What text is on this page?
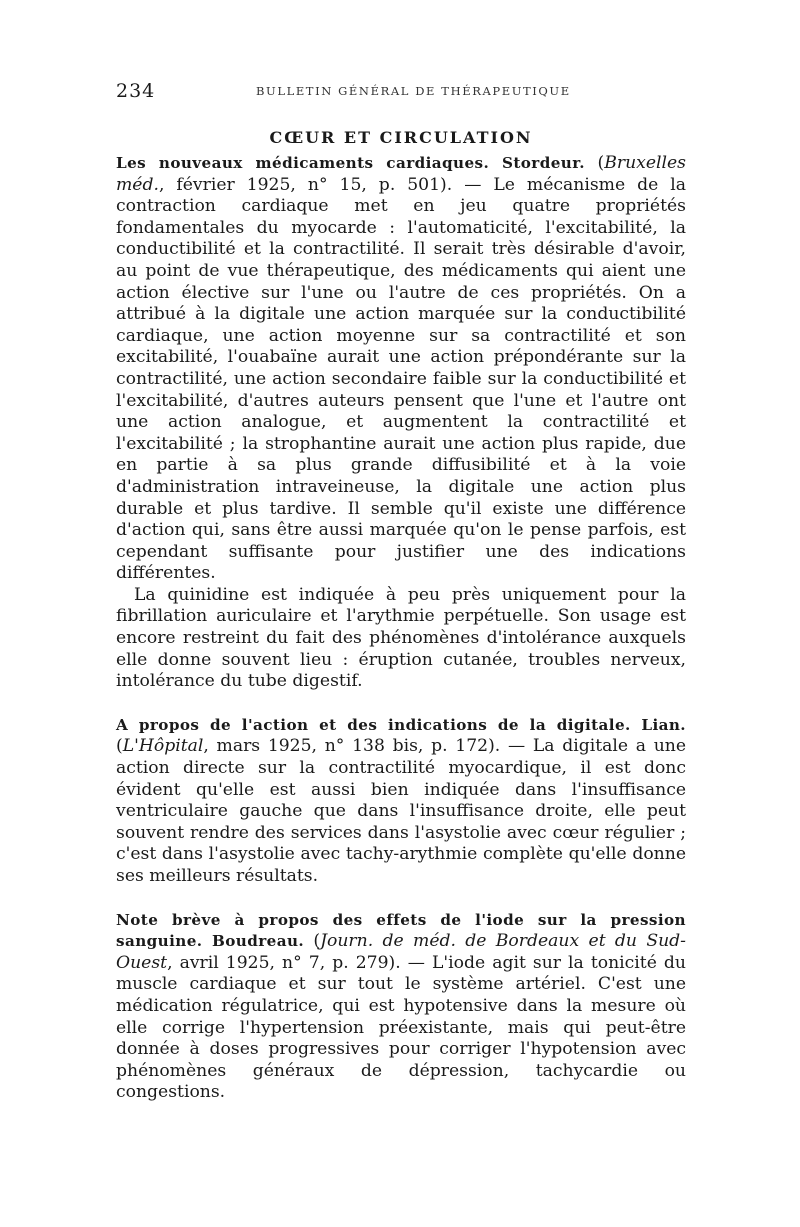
234	BULLETIN GÉNÉRAL DE THÉRAPEUTIQUE
CŒUR ET CIRCULATION

Les nouveaux médicaments cardiaques. Stordeur. (Bruxelles méd., février 1925, n° 15, p. 501). — Le mécanisme de la contraction cardiaque met en jeu quatre propriétés fondamentales du myocarde : l'automaticité, l'excitabilité, la conductibilité et la contractilité. Il serait très désirable d'avoir, au point de vue thérapeutique, des médicaments qui aient une action élective sur l'une ou l'autre de ces propriétés. On a attribué à la digitale une action marquée sur la conductibilité cardiaque, une action moyenne sur sa contractilité et son excitabilité, l'ouabaïne aurait une action prépondérante sur la contractilité, une action secondaire faible sur la conductibilité et l'excitabilité, d'autres auteurs pensent que l'une et l'autre ont une action analogue, et augmentent la contractilité et l'excitabilité ; la strophantine aurait une action plus rapide, due en partie à sa plus grande diffusibilité et à la voie d'administration intraveineuse, la digitale une action plus durable et plus tardive. Il semble qu'il existe une différence d'action qui, sans être aussi marquée qu'on le pense parfois, est cependant suffisante pour justifier une des indications différentes.

La quinidine est indiquée à peu près uniquement pour la fibrillation auriculaire et l'arythmie perpétuelle. Son usage est encore restreint du fait des phénomènes d'intolérance auxquels elle donne souvent lieu : éruption cutanée, troubles nerveux, intolérance du tube digestif.

A propos de l'action et des indications de la digitale. Lian. (L'Hôpital, mars 1925, n° 138 bis, p. 172). — La digitale a une action directe sur la contractilité myocardique, il est donc évident qu'elle est aussi bien indiquée dans l'insuffisance ventriculaire gauche que dans l'insuffisance droite, elle peut souvent rendre des services dans l'asystolie avec cœur régulier ; c'est dans l'asystolie avec tachy-arythmie complète qu'elle donne ses meilleurs résultats.

Note brève à propos des effets de l'iode sur la pression sanguine. Boudreau. (Journ. de méd. de Bordeaux et du Sud-Ouest, avril 1925, n° 7, p. 279). — L'iode agit sur la tonicité du muscle cardiaque et sur tout le système artériel. C'est une médication régulatrice, qui est hypotensive dans la mesure où elle corrige l'hypertension préexistante, mais qui peut-être donnée à doses progressives pour corriger l'hypotension avec phénomènes généraux de dépression, tachycardie ou congestions.
